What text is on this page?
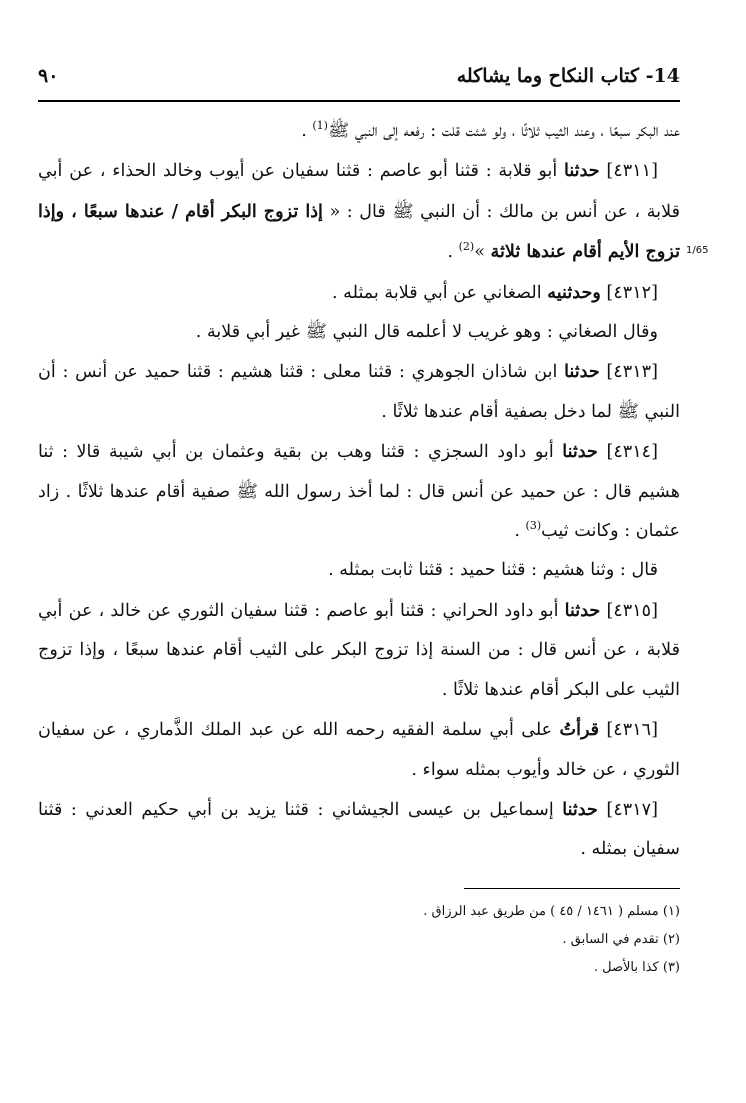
14- كتاب النكاح وما يشاكله
٩٠
1/65

عند البكر سبعًا ، وعند الثيب ثلاثًا ، ولو شئت قلت : رفعه إلى النبي ﷺ$^{(1)}$ .

[٤٣١١] حدثنا أبو قلابة : قثنا أبو عاصم : قثنا سفيان عن أيوب وخالد الحذاء ، عن أبي قلابة ، عن أنس بن مالك : أن النبي ﷺ قال : « إذا تزوج البكر أقام / عندها سبعًا ، وإذا تزوج الأيم أقام عندها ثلاثة »$^{(2)}$ .

[٤٣١٢] وحدثنيه الصغاني عن أبي قلابة بمثله .

وقال الصغاني : وهو غريب لا أعلمه قال النبي ﷺ غير أبي قلابة .

[٤٣١٣] حدثنا ابن شاذان الجوهري : قثنا معلى : قثنا هشيم : قثنا حميد عن أنس : أن النبي ﷺ لما دخل بصفية أقام عندها ثلاثًا .

[٤٣١٤] حدثنا أبو داود السجزي : قثنا وهب بن بقية وعثمان بن أبي شيبة قالا : ثنا هشيم قال : عن حميد عن أنس قال : لما أخذ رسول الله ﷺ صفية أقام عندها ثلاثًا . زاد عثمان : وكانت ثيب$^{(3)}$ .

قال : وثنا هشيم : قثنا حميد : قثنا ثابت بمثله .

[٤٣١٥] حدثنا أبو داود الحراني : قثنا أبو عاصم : قثنا سفيان الثوري عن خالد ، عن أبي قلابة ، عن أنس قال : من السنة إذا تزوج البكر على الثيب أقام عندها سبعًا ، وإذا تزوج الثيب على البكر أقام عندها ثلاثًا .

[٤٣١٦] قرأتُ على أبي سلمة الفقيه رحمه الله عن عبد الملك الذَّماري ، عن سفيان الثوري ، عن خالد وأيوب بمثله سواء .

[٤٣١٧] حدثنا إسماعيل بن عيسى الجيشاني : قثنا يزيد بن أبي حكيم العدني : قثنا سفيان بمثله .

(١) مسلم ( ١٤٦١ / ٤٥ ) من طريق عبد الرزاق .

(٢) تقدم في السابق .

(٣) كذا بالأصل .
